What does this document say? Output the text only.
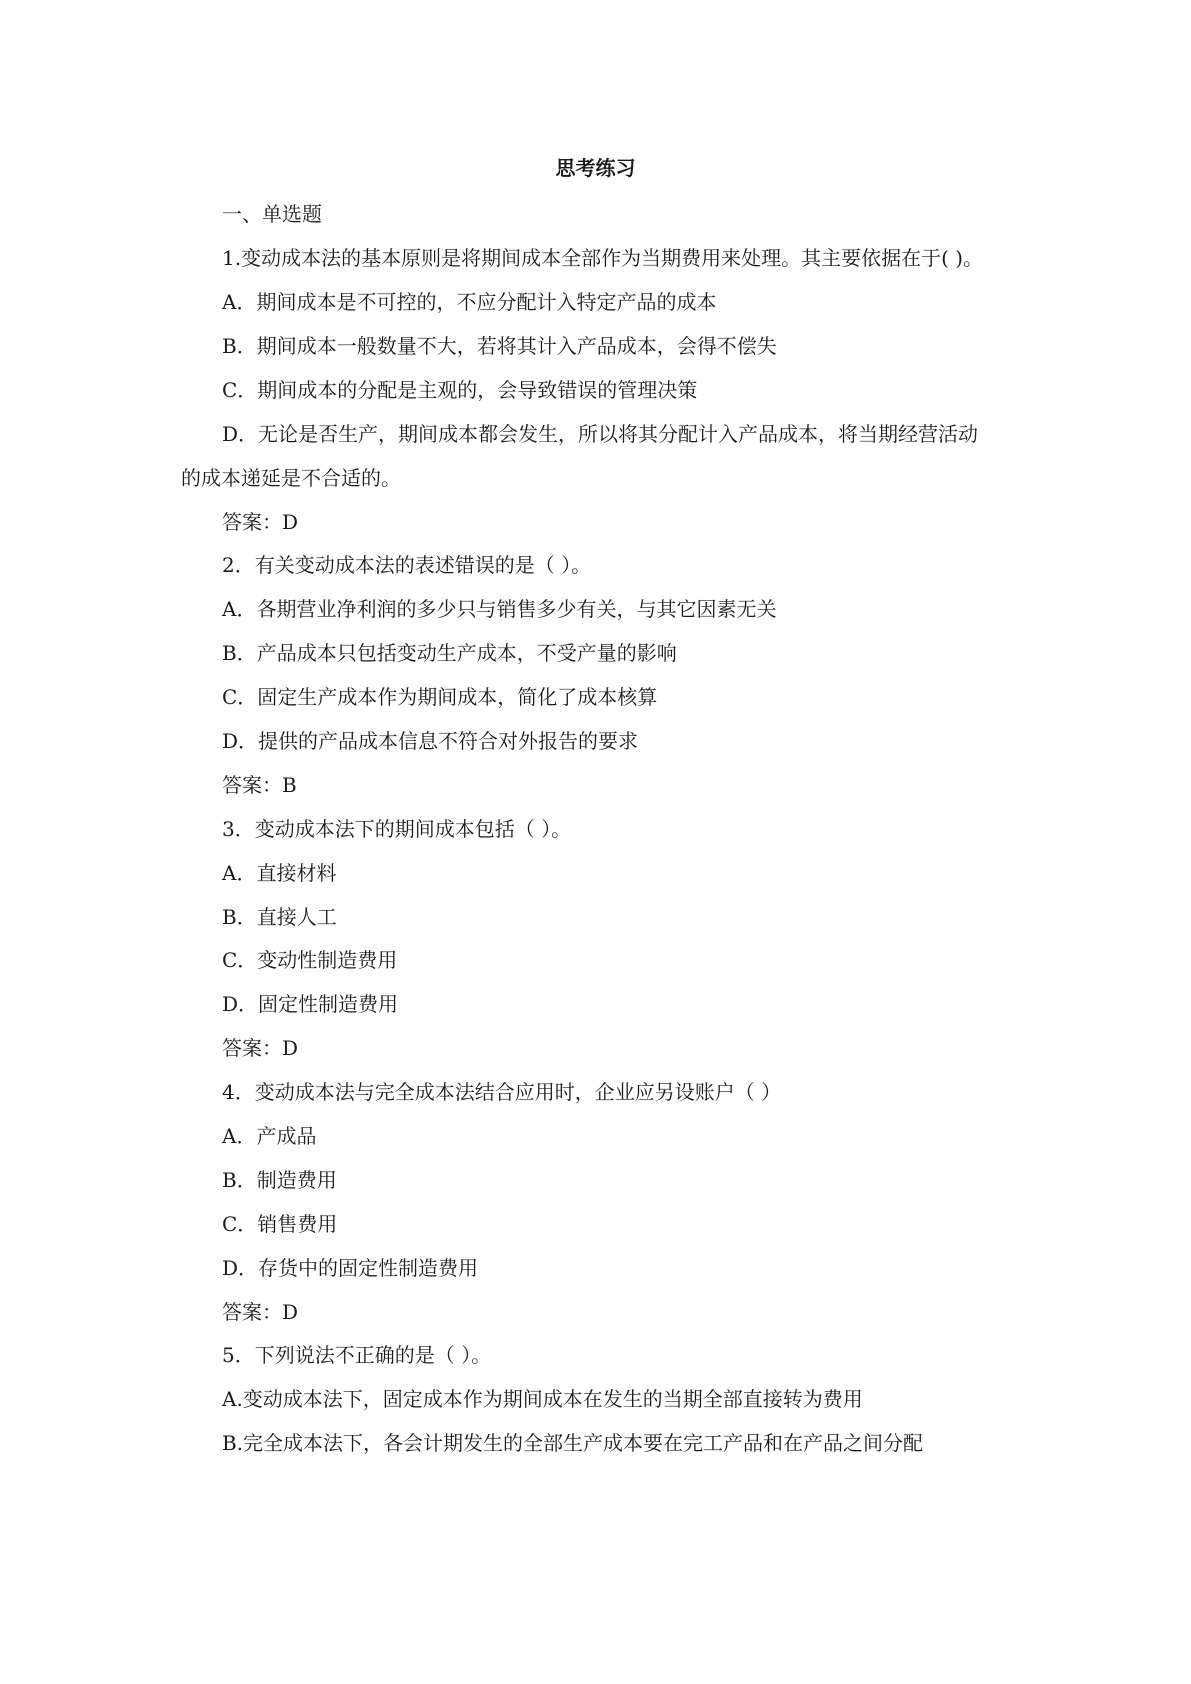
思考练习
一、单选题
1.变动成本法的基本原则是将期间成本全部作为当期费用来处理。其主要依据在于( )。
A．期间成本是不可控的，不应分配计入特定产品的成本
B．期间成本一般数量不大，若将其计入产品成本，会得不偿失
C．期间成本的分配是主观的，会导致错误的管理决策
D．无论是否生产，期间成本都会发生，所以将其分配计入产品成本，将当期经营活动
的成本递延是不合适的。
答案：D
2．有关变动成本法的表述错误的是（ ）。
A．各期营业净利润的多少只与销售多少有关，与其它因素无关
B．产品成本只包括变动生产成本，不受产量的影响
C．固定生产成本作为期间成本，简化了成本核算
D．提供的产品成本信息不符合对外报告的要求
答案：B
3．变动成本法下的期间成本包括（ ）。
A．直接材料
B．直接人工
C．变动性制造费用
D．固定性制造费用
答案：D
4．变动成本法与完全成本法结合应用时，企业应另设账户（ ）
A．产成品
B．制造费用
C．销售费用
D．存货中的固定性制造费用
答案：D
5．下列说法不正确的是（ ）。
A.变动成本法下，固定成本作为期间成本在发生的当期全部直接转为费用
B.完全成本法下，各会计期发生的全部生产成本要在完工产品和在产品之间分配
